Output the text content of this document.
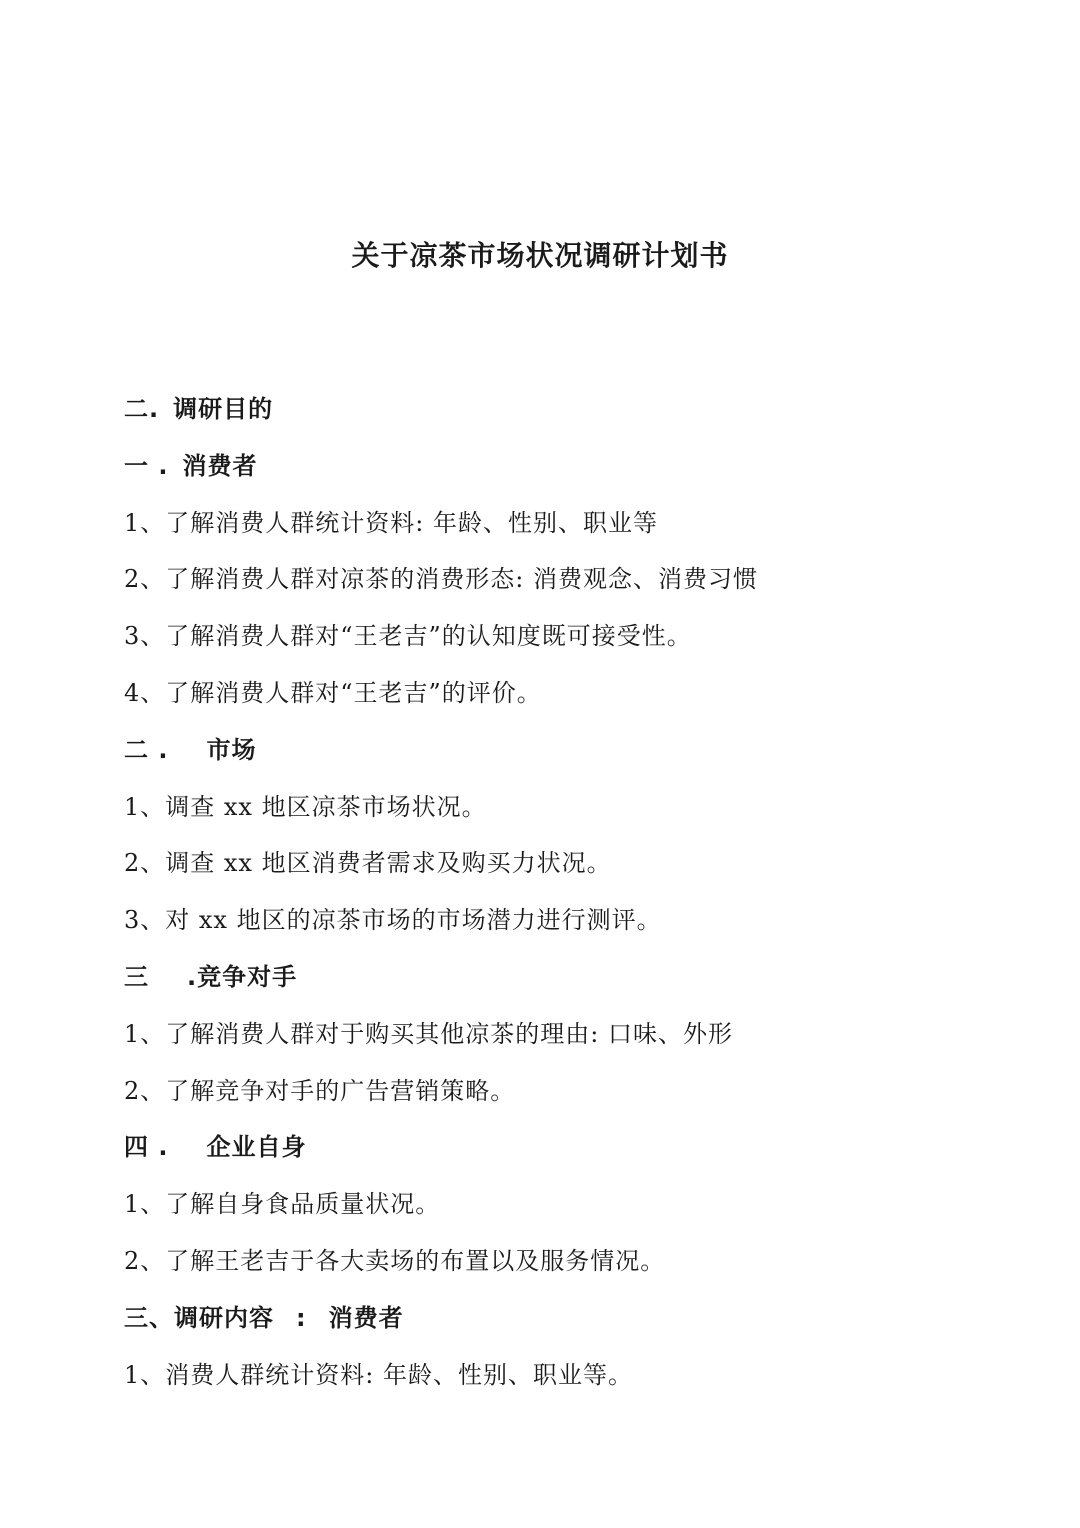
关于凉茶市场状况调研计划书
二. 调研目的
一 . 消费者
1、了解消费人群统计资料: 年龄、性别、职业等
2、了解消费人群对凉茶的消费形态: 消费观念、消费习惯
3、了解消费人群对“王老吉”的认知度既可接受性。
4、了解消费人群对“王老吉”的评价。
二 . 市场
1、调查 xx 地区凉茶市场状况。
2、调查 xx 地区消费者需求及购买力状况。
3、对 xx 地区的凉茶市场的市场潜力进行测评。
三 .竞争对手
1、了解消费人群对于购买其他凉茶的理由: 口味、外形
2、了解竞争对手的广告营销策略。
四 . 企业自身
1、了解自身食品质量状况。
2、了解王老吉于各大卖场的布置以及服务情况。
三、调研内容 : 消费者
1、消费人群统计资料: 年龄、性别、职业等。
